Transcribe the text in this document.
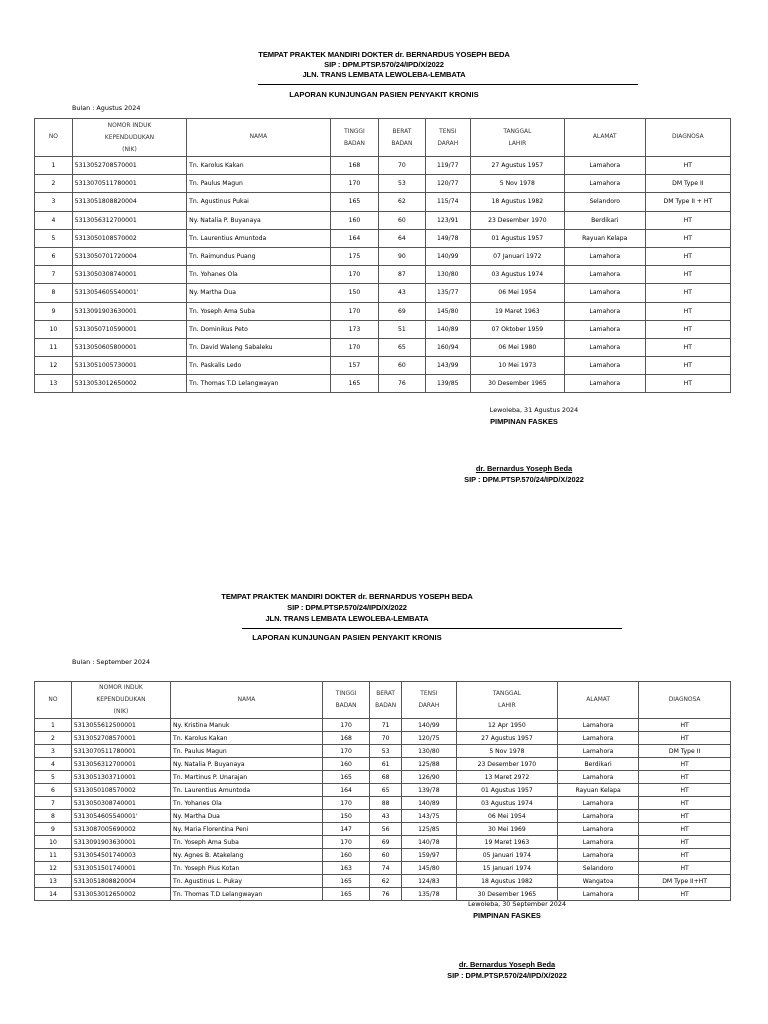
TEMPAT PRAKTEK MANDIRI DOKTER dr. BERNARDUS YOSEPH BEDA
SIP : DPM.PTSP.570/24/IPD/X/2022
JLN. TRANS LEMBATA LEWOLEBA-LEMBATA
LAPORAN KUNJUNGAN PASIEN PENYAKIT KRONIS
Bulan : Agustus 2024
NO	NOMOR INDUK
KEPENDUDUKAN
(NIK)	NAMA	TINGGI
BADAN	BERAT
BADAN	TENSI
DARAH	TANGGAL
LAHIR	ALAMAT	DIAGNOSA
1	5313052708570001	Tn. Karolus Kakan	168	70	119/77	27 Agustus 1957	Lamahora	HT
2	5313070511780001	Tn. Paulus Magun	170	53	120/77	5 Nov 1978	Lamahora	DM Type II
3	5313051808820004	Tn. Agustinus Pukai	165	62	115/74	18 Agustus 1982	Selandoro	DM Type II + HT
4	5313056312700001	Ny. Natalia P. Buyanaya	160	60	123/91	23 Desember 1970	Berdikari	HT
5	5313050108570002	Tn. Laurentius Amuntoda	164	64	149/78	01 Agustus 1957	Rayuan Kelapa	HT
6	5313050701720004	Tn. Raimundus Puang	175	90	140/99	07 Januari 1972	Lamahora	HT
7	5313050308740001	Tn. Yohanes Ola	170	87	130/80	03 Agustus 1974	Lamahora	HT
8	5313054605540001'	Ny. Martha Dua	150	43	135/77	06 Mei 1954	Lamahora	HT
9	5313091903630001	Tn. Yoseph Ama Suba	170	69	145/80	19 Maret 1963	Lamahora	HT
10	5313050710590001	Tn. Dominikus Peto	173	51	140/89	07 Oktober 1959	Lamahora	HT
11	5313050605800001	Tn. David Waleng Sabaleku	170	65	160/94	06 Mei 1980	Lamahora	HT
12	5313051005730001	Tn. Paskalis Ledo	157	60	143/99	10 Mei 1973	Lamahora	HT
13	5313053012650002	Tn. Thomas T.D Lelangwayan	165	76	139/85	30 Desember 1965	Lamahora	HT
Lewoleba, 31 Agustus 2024
PIMPINAN FASKES
dr. Bernardus Yoseph Beda
SIP : DPM.PTSP.570/24/IPD/X/2022
TEMPAT PRAKTEK MANDIRI DOKTER dr. BERNARDUS YOSEPH BEDA
SIP : DPM.PTSP.570/24/IPD/X/2022
JLN. TRANS LEMBATA LEWOLEBA-LEMBATA
LAPORAN KUNJUNGAN PASIEN PENYAKIT KRONIS
Bulan : September 2024
NO	NOMOR INDUK
KEPENDUDUKAN
(NIK)	NAMA	TINGGI
BADAN	BERAT
BADAN	TENSI
DARAH	TANGGAL
LAHIR	ALAMAT	DIAGNOSA
1	5313055612500001	Ny. Kristina Manuk	170	71	140/99	12 Apr 1950	Lamahora	HT
2	5313052708570001	Tn. Karolus Kakan	168	70	120/75	27 Agustus 1957	Lamahora	HT
3	5313070511780001	Tn. Paulus Magun	170	53	130/80	5 Nov 1978	Lamahora	DM Type II
4	5313056312700001	Ny. Natalia P. Buyanaya	160	61	125/88	23 Desember 1970	Berdikari	HT
5	5313051303710001	Tn. Martinus P. Unarajan	165	68	126/90	13 Maret 2972	Lamahora	HT
6	5313050108570002	Tn. Laurentius Amuntoda	164	65	139/78	01 Agustus 1957	Rayuan Kelapa	HT
7	5313050308740001	Tn. Yohanes Ola	170	88	140/89	03 Agustus 1974	Lamahora	HT
8	5313054605540001'	Ny. Martha Dua	150	43	143/75	06 Mei 1954	Lamahora	HT
9	5313087005690002	Ny. Maria Florentina Peni	147	56	125/85	30 Mei 1969	Lamahora	HT
10	5313091903630001	Tn. Yoseph Ama Suba	170	69	140/78	19 Maret 1963	Lamahora	HT
11	5313054501740003	Ny. Agnes B. Atakelang	160	60	159/97	05 Januari 1974	Lamahora	HT
12	5313051501740001	Tn. Yoseph Pius Kotan	163	74	145/80	15 Januari 1974	Selandoro	HT
13	5313051808820004	Tn. Agustinus L. Pukay	165	62	124/83	18 Agustus 1982	Wangatoa	DM Type II+HT
14	5313053012650002	Tn. Thomas T.D Lelangwayan	165	76	135/78	30 Desember 1965	Lamahora	HT
Lewoleba, 30 September 2024
PIMPINAN FASKES
dr. Bernardus Yoseph Beda
SIP : DPM.PTSP.570/24/IPD/X/2022
